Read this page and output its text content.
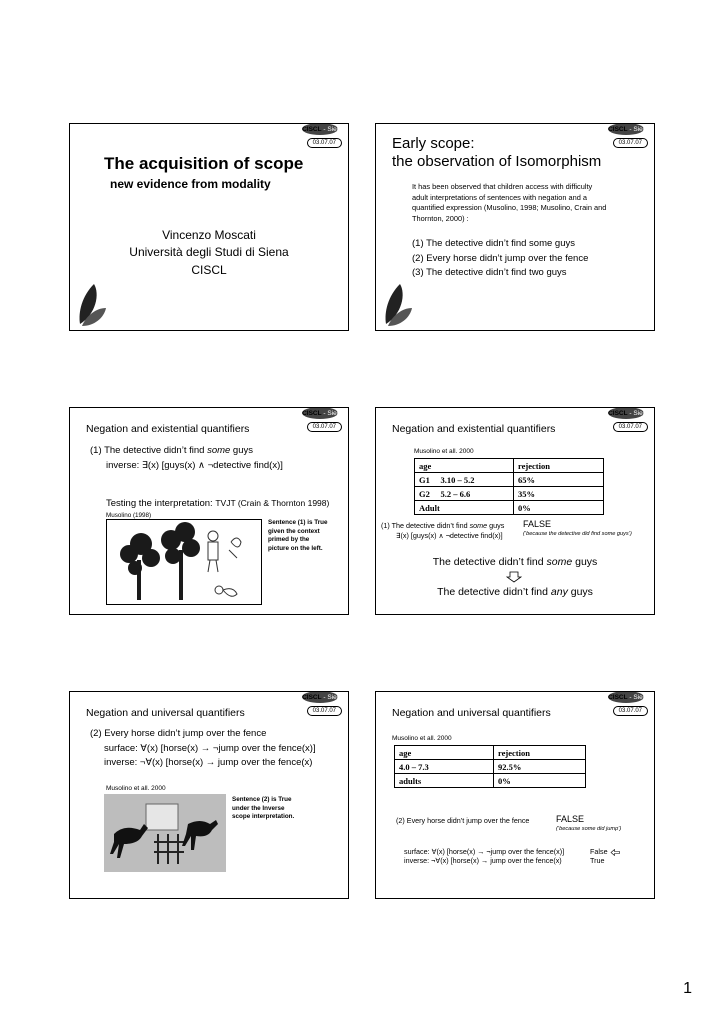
CISCL - Siena
03.07.07
The acquisition of scope
new evidence from modality
Vincenzo Moscati
Università degli Studi di Siena
CISCL
CISCL - Siena
03.07.07
Early scope:
the observation of Isomorphism
It has been observed that children access with difficulty
adult interpretations of sentences with negation and a
quantified expression (Musolino, 1998; Musolino, Crain and
Thornton, 2000) :
(1) The detective didn’t find some guys
(2) Every horse didn’t jump over the fence
(3) The detective didn’t find two guys
CISCL - Siena
03.07.07
Negation and existential quantifiers
(1) The detective didn’t find some guys
inverse: ∃(x) [guys(x) ∧ ¬detective find(x)]
Testing the interpretation: TVJT (Crain & Thornton 1998)
Musolino (1998)
Sentence (1) is True
given the context
primed by the
picture on the left.
CISCL - Siena
03.07.07
Negation and existential quantifiers
Musolino et all. 2000
age	rejection
G1     3.10 – 5.2	65%
G2     5.2 – 6.6	35%
Adult	0%
(1) The detective didn’t find some guys
∃(x) [guys(x) ∧ ¬detective find(x)]
FALSE
(‘because the detective did find some guys’)
The detective didn’t find some guys
The detective didn’t find any guys
CISCL - Siena
03.07.07
Negation and universal quantifiers
(2) Every horse didn’t jump over the fence
surface: ∀(x) [horse(x) → ¬jump over the fence(x)]
inverse: ¬∀(x) [horse(x) → jump over the fence(x)
Musolino et all. 2000
Sentence (2) is True
under the Inverse
scope interpretation.
CISCL - Siena
03.07.07
Negation and universal quantifiers
Musolino et all. 2000
age	rejection
4.0 – 7.3	92.5%
adults	0%
(2) Every horse didn’t jump over the fence	FALSE
(‘because some did jump’)
surface: ∀(x) [horse(x) → ¬jump over the fence(x)]
inverse: ¬∀(x) [horse(x) → jump over the fence(x)
False
True
1
